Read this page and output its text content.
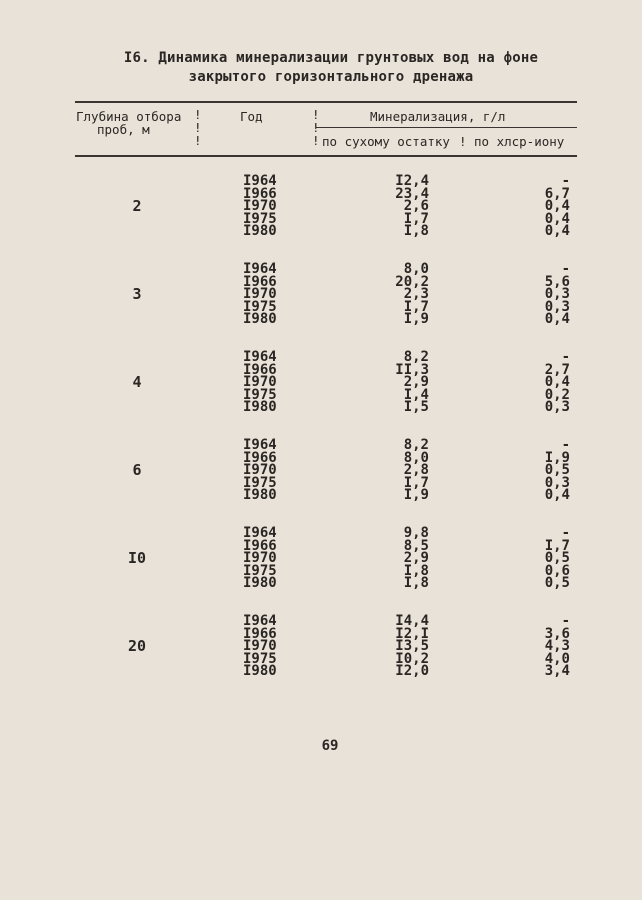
I6. Динамика минерализации грунтовых вод на фоне
закрытого горизонтального дренажа
Глубина отбора
проб, м
Год	Минерализация, г/л
по сухому остатку ! по хлср-иону
!
!
!
!
!
!
2
I964	I2,4	-
I966	23,4	6,7
I970	2,6	0,4
I975	I,7	0,4
I980	I,8	0,4
3
I964	8,0	-
I966	20,2	5,6
I970	2,3	0,3
I975	I,7	0,3
I980	I,9	0,4
4
I964	8,2	-
I966	II,3	2,7
I970	2,9	0,4
I975	I,4	0,2
I980	I,5	0,3
6
I964	8,2	-
I966	8,0	I,9
I970	2,8	0,5
I975	I,7	0,3
I980	I,9	0,4
I0
I964	9,8	-
I966	8,5	I,7
I970	2,9	0,5
I975	I,8	0,6
I980	I,8	0,5
20
I964	I4,4	-
I966	I2,I	3,6
I970	I3,5	4,3
I975	I0,2	4,0
I980	I2,0	3,4
69
